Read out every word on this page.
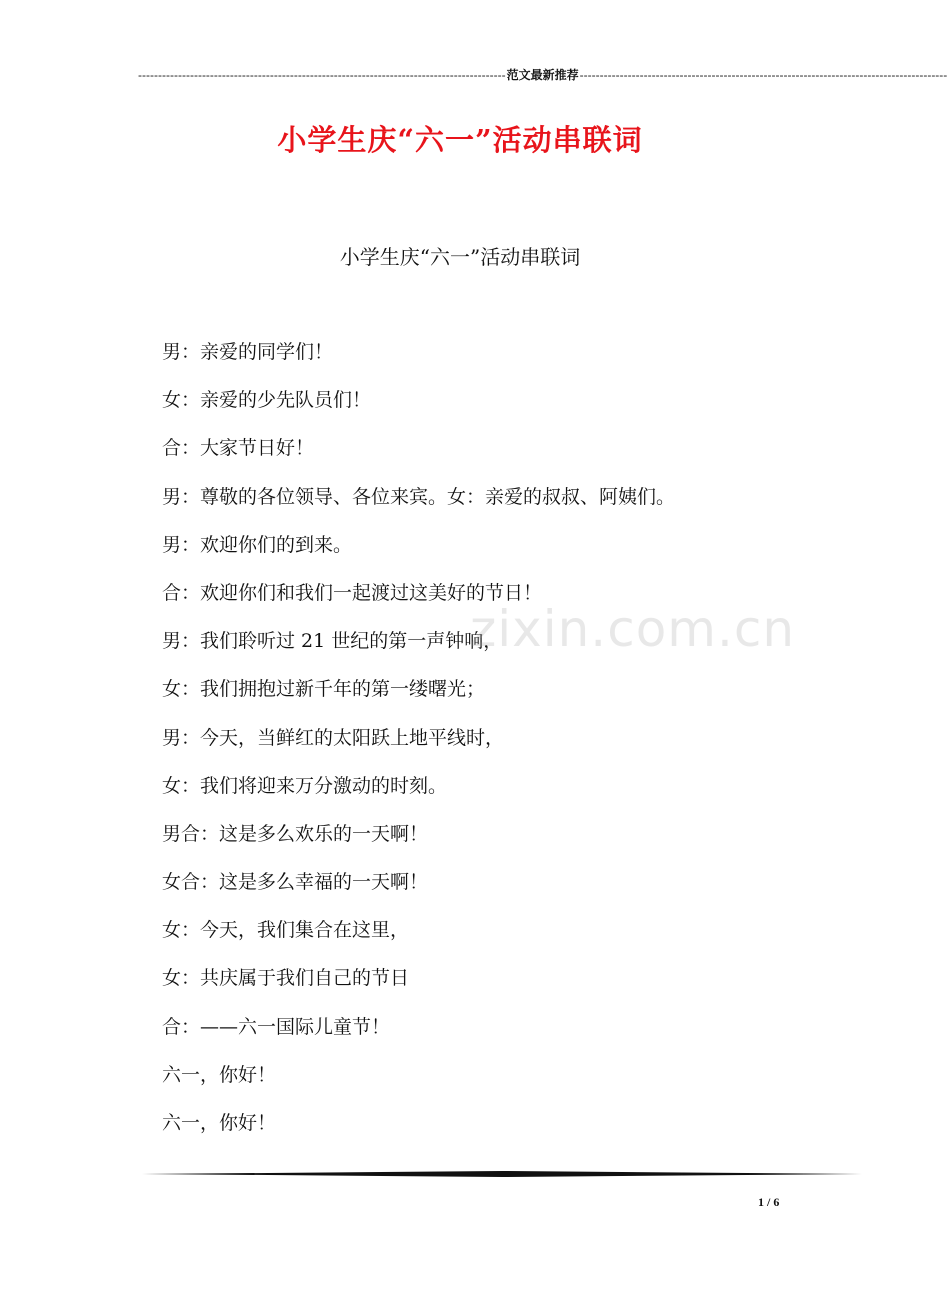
-------------------------------------------------------------------------------------------- 范文最新推荐 --------------------------------------------------------------------------------------------
小学生庆“六一”活动串联词
小学生庆“六一”活动串联词
男：亲爱的同学们！
女：亲爱的少先队员们！
合：大家节日好！
男：尊敬的各位领导、各位来宾。女：亲爱的叔叔、阿姨们。
男：欢迎你们的到来。
合：欢迎你们和我们一起渡过这美好的节日！
男：我们聆听过 21 世纪的第一声钟响，
女：我们拥抱过新千年的第一缕曙光；
男：今天，当鲜红的太阳跃上地平线时，
女：我们将迎来万分激动的时刻。
男合：这是多么欢乐的一天啊！
女合：这是多么幸福的一天啊！
女：今天，我们集合在这里，
女：共庆属于我们自己的节日
合：——六一国际儿童节！
六一，你好！
六一，你好！
zixin.com.cn
1 / 6
